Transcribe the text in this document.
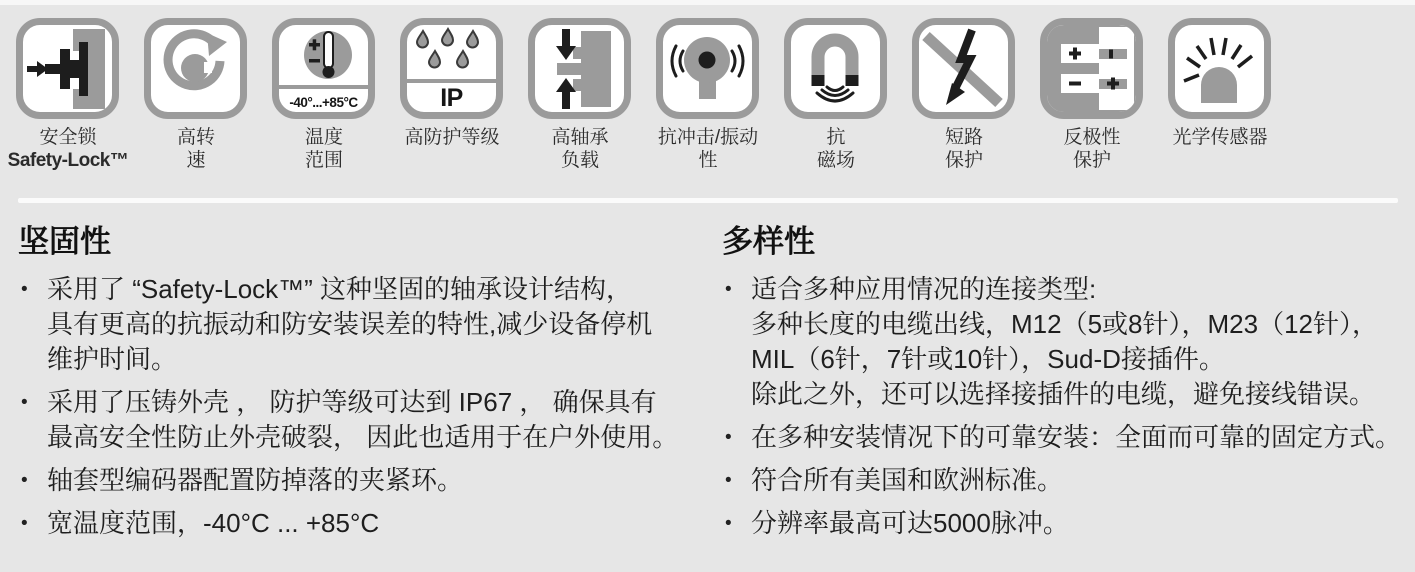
安全锁
Safety-Lock™
高转
速
-40°...+85°C
温度
范围
IP
高防护等级	高轴承
负载
抗冲击/振动
性
抗
磁场
短路
保护
反极性
保护
光学传感器
坚固性
• 采用了 “Safety-Lock™” 这种坚固的轴承设计结构，
具有更高的抗振动和防安装误差的特性,减少设备停机
维护时间。
• 采用了压铸外壳 ， 防护等级可达到 IP67 ， 确保具有
最高安全性防止外壳破裂， 因此也适用于在户外使用。
• 轴套型编码器配置防掉落的夹紧环。
• 宽温度范围，-40°C ... +85°C
多样性
• 适合多种应用情况的连接类型:
多种长度的电缆出线，M12（5或8针），M23（12针），
MIL（6针，7针或10针），Sud-D接插件。
除此之外，还可以选择接插件的电缆，避免接线错误。
• 在多种安装情况下的可靠安装：全面而可靠的固定方式。
• 符合所有美国和欧洲标准。
• 分辨率最高可达5000脉冲。
